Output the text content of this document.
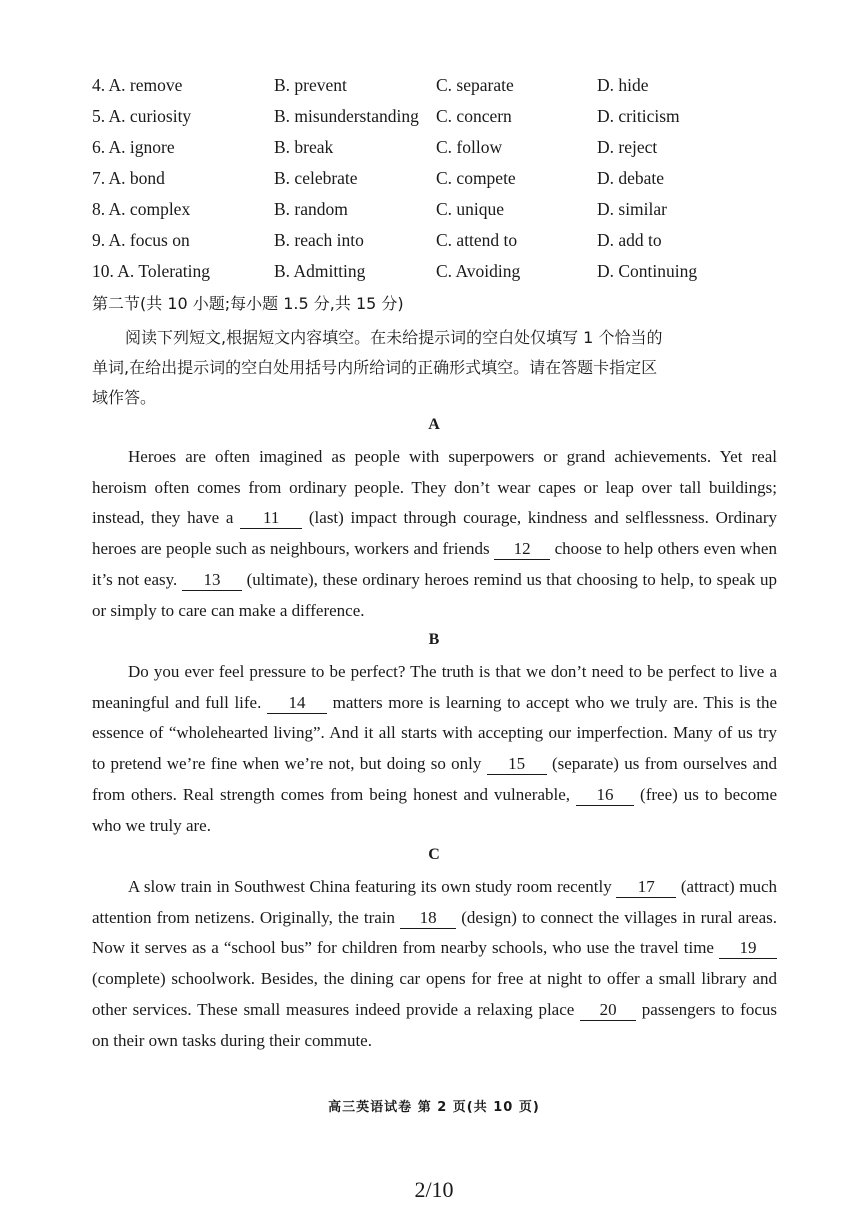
4. A. remove	B. prevent	C. separate	D. hide
5. A. curiosity	B. misunderstanding C. concern	D. criticism
6. A. ignore	B. break	C. follow	D. reject
7. A. bond	B. celebrate	C. compete	D. debate
8. A. complex	B. random	C. unique	D. similar
9. A. focus on	B. reach into	C. attend to	D. add to
10. A. Tolerating	B. Admitting	C. Avoiding	D. Continuing
第二节(共 10 小题;每小题 1.5 分,共 15 分)
阅读下列短文,根据短文内容填空。在未给提示词的空白处仅填写 1 个恰当的
单词,在给出提示词的空白处用括号内所给词的正确形式填空。请在答题卡指定区
域作答。
A

Heroes are often imagined as people with superpowers or grand achievements. Yet real heroism often comes from ordinary people. They don’t wear capes or leap over tall buildings; instead, they have a 11 (last) impact through courage, kindness and selflessness. Ordinary heroes are people such as neighbours, workers and friends 12 choose to help others even when it’s not easy. 13 (ultimate), these ordinary heroes remind us that choosing to help, to speak up or simply to care can make a difference.

B

Do you ever feel pressure to be perfect? The truth is that we don’t need to be perfect to live a meaningful and full life. 14 matters more is learning to accept who we truly are. This is the essence of “wholehearted living”. And it all starts with accepting our imperfection. Many of us try to pretend we’re fine when we’re not, but doing so only 15 (separate) us from ourselves and from others. Real strength comes from being honest and vulnerable, 16 (free) us to become who we truly are.

C

A slow train in Southwest China featuring its own study room recently 17 (attract) much attention from netizens. Originally, the train 18 (design) to connect the villages in rural areas. Now it serves as a “school bus” for children from nearby schools, who use the travel time 19 (complete) schoolwork. Besides, the dining car opens for free at night to offer a small library and other services. These small measures indeed provide a relaxing place 20 passengers to focus on their own tasks during their commute.

高三英语试卷 第 2 页(共 10 页)
2/10
